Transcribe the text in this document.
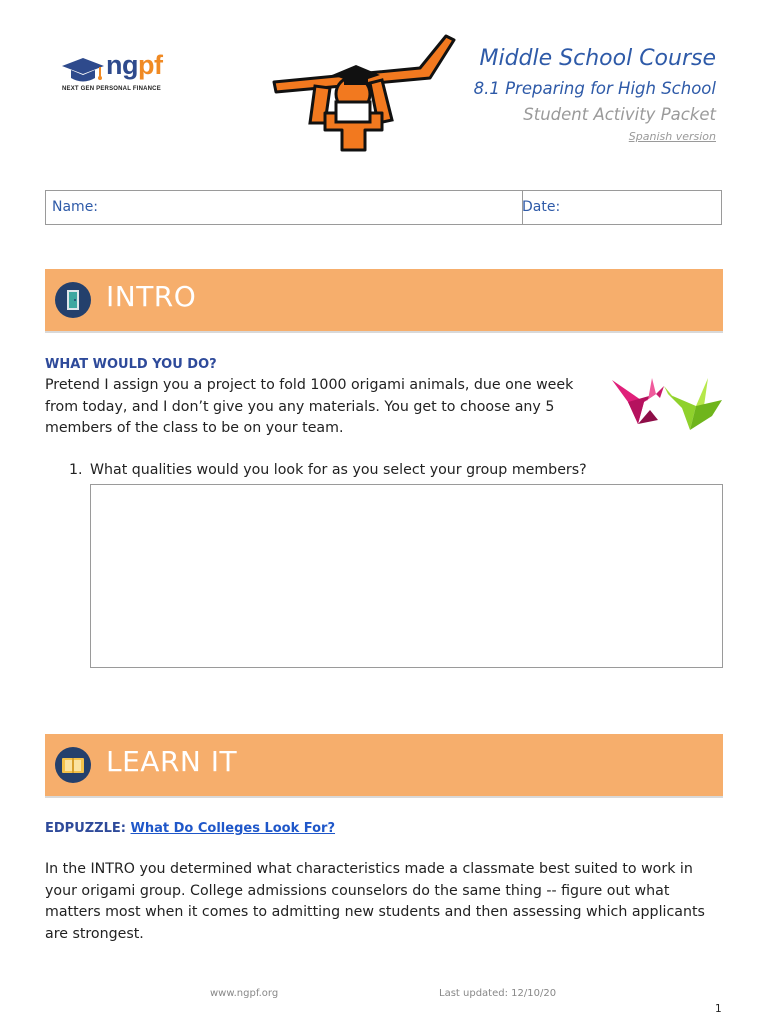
ngpf
NEXT GEN PERSONAL FINANCE
Middle School Course
8.1 Preparing for High School
Student Activity Packet
Spanish version
Name:	Date:
INTRO
WHAT WOULD YOU DO?
Pretend I assign you a project to fold 1000 origami animals, due one week from today, and I don’t give you any materials. You get to choose any 5 members of the class to be on your team.
1. What qualities would you look for as you select your group members?
LEARN IT
EDPUZZLE: What Do Colleges Look For?
In the INTRO you determined what characteristics made a classmate best suited to work in your origami group. College admissions counselors do the same thing -- figure out what matters most when it comes to admitting new students and then assessing which applicants are strongest.
www.ngpf.org	Last updated: 12/10/20
1
